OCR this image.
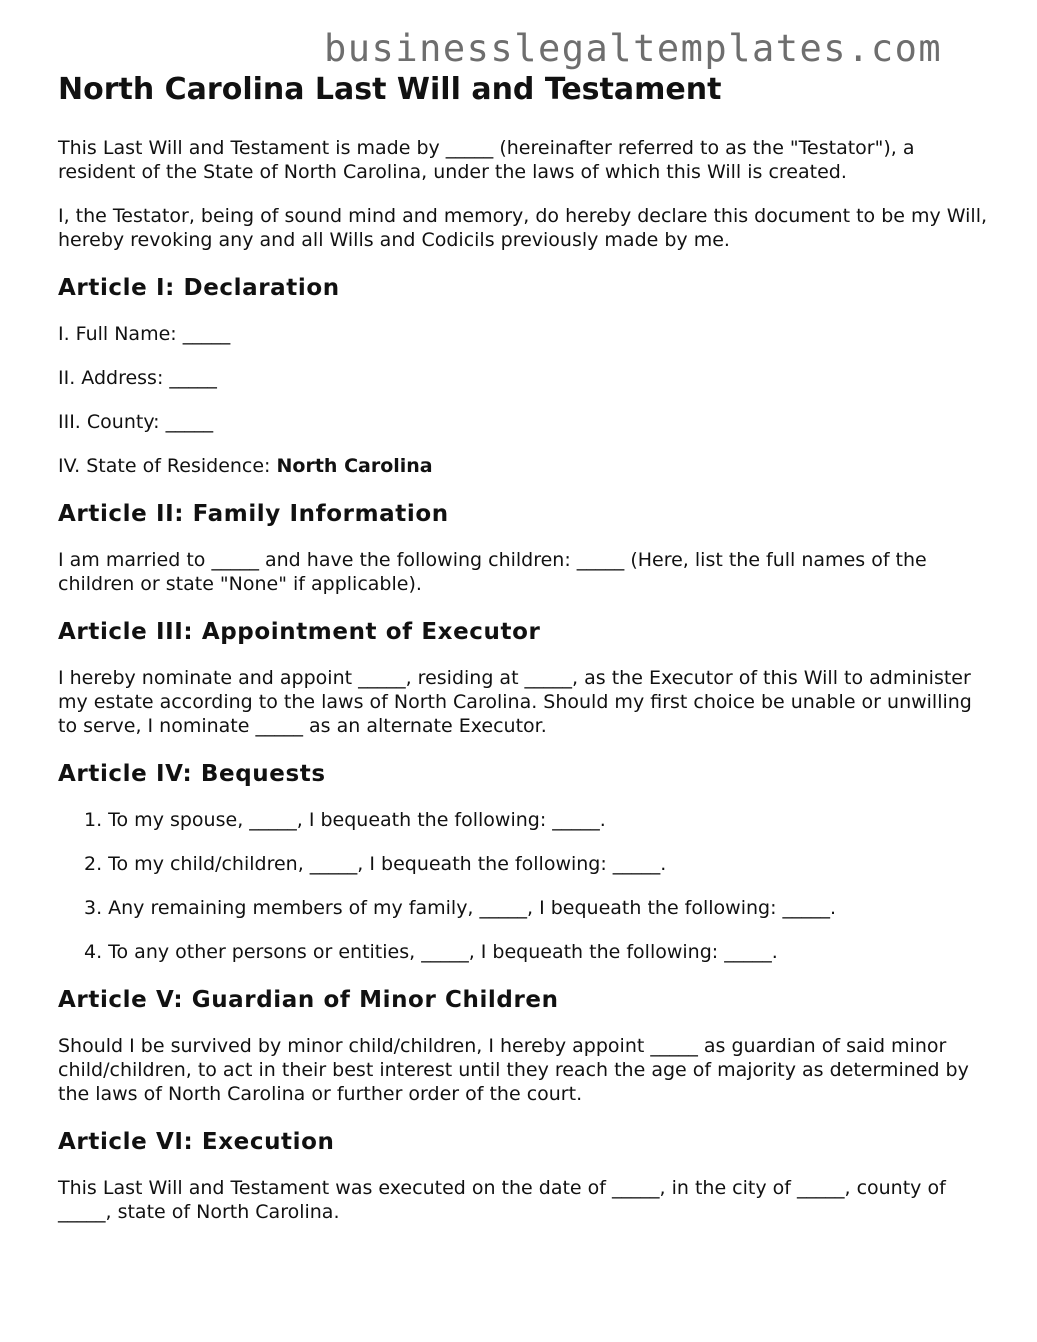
businesslegaltemplates.com
North Carolina Last Will and Testament

This Last Will and Testament is made by _____ (hereinafter referred to as the "Testator"), a resident of the State of North Carolina, under the laws of which this Will is created.

I, the Testator, being of sound mind and memory, do hereby declare this document to be my Will, hereby revoking any and all Wills and Codicils previously made by me.

Article I: Declaration
I. Full Name: _____
II. Address: _____
III. County: _____
IV. State of Residence: North Carolina
Article II: Family Information

I am married to _____ and have the following children: _____ (Here, list the full names of the children or state "None" if applicable).

Article III: Appointment of Executor

I hereby nominate and appoint _____, residing at _____, as the Executor of this Will to administer my estate according to the laws of North Carolina. Should my first choice be unable or unwilling to serve, I nominate _____ as an alternate Executor.

Article IV: Bequests
1. To my spouse, _____, I bequeath the following: _____.
2. To my child/children, _____, I bequeath the following: _____.
3. Any remaining members of my family, _____, I bequeath the following: _____.
4. To any other persons or entities, _____, I bequeath the following: _____.
Article V: Guardian of Minor Children

Should I be survived by minor child/children, I hereby appoint _____ as guardian of said minor child/children, to act in their best interest until they reach the age of majority as determined by the laws of North Carolina or further order of the court.

Article VI: Execution

This Last Will and Testament was executed on the date of _____, in the city of _____, county of _____, state of North Carolina.
